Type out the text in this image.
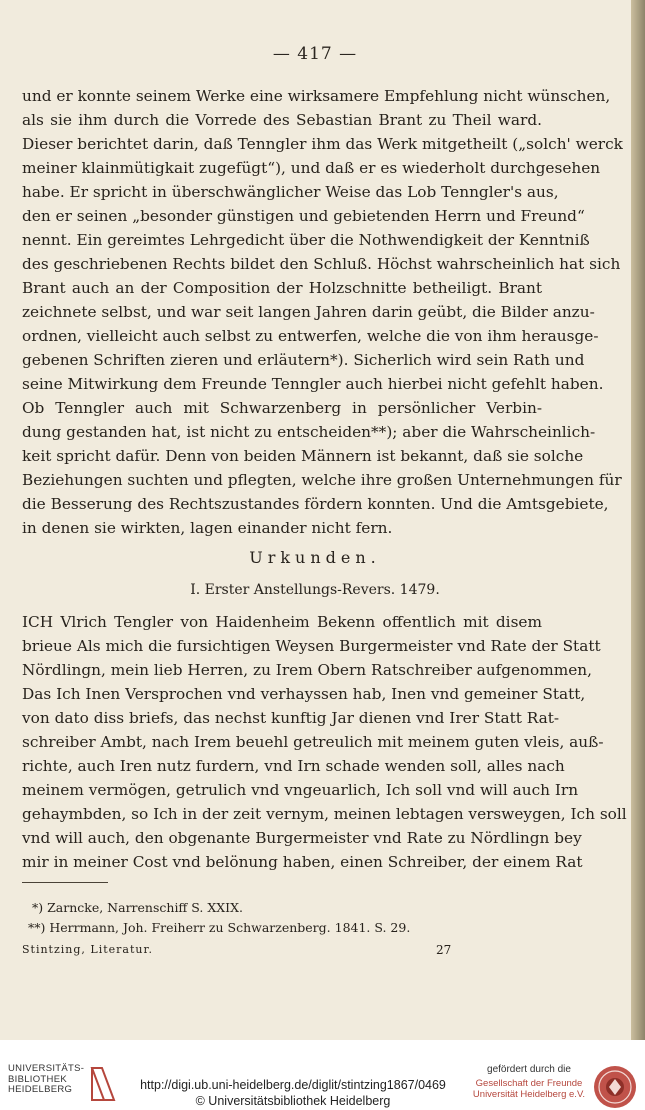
— 417 —
und er konnte seinem Werke eine wirksamere Empfehlung nicht wünschen,
als sie ihm durch die Vorrede des Sebastian Brant zu Theil ward.
Dieser berichtet darin, daß Tenngler ihm das Werk mitgetheilt („solch' werck
meiner klainmütigkait zugefügt“), und daß er es wiederholt durchgesehen
habe. Er spricht in überschwänglicher Weise das Lob Tenngler's aus,
den er seinen „besonder günstigen und gebietenden Herrn und Freund“
nennt. Ein gereimtes Lehrgedicht über die Nothwendigkeit der Kenntniß
des geschriebenen Rechts bildet den Schluß. Höchst wahrscheinlich hat sich
Brant auch an der Composition der Holzschnitte betheiligt. Brant
zeichnete selbst, und war seit langen Jahren darin geübt, die Bilder anzu-
ordnen, vielleicht auch selbst zu entwerfen, welche die von ihm herausge-
gebenen Schriften zieren und erläutern*). Sicherlich wird sein Rath und
seine Mitwirkung dem Freunde Tenngler auch hierbei nicht gefehlt haben.
Ob Tenngler auch mit Schwarzenberg in persönlicher Verbin-
dung gestanden hat, ist nicht zu entscheiden**); aber die Wahrscheinlich-
keit spricht dafür. Denn von beiden Männern ist bekannt, daß sie solche
Beziehungen suchten und pflegten, welche ihre großen Unternehmungen für
die Besserung des Rechtszustandes fördern konnten. Und die Amtsgebiete,
in denen sie wirkten, lagen einander nicht fern.
Urkunden.
I. Erster Anstellungs-Revers. 1479.
ICH Vlrich Tengler von Haidenheim Bekenn offentlich mit disem
brieue Als mich die fursichtigen Weysen Burgermeister vnd Rate der Statt
Nördlingn, mein lieb Herren, zu Irem Obern Ratschreiber aufgenommen,
Das Ich Inen Versprochen vnd verhayssen hab, Inen vnd gemeiner Statt,
von dato diss briefs, das nechst kunftig Jar dienen vnd Irer Statt Rat-
schreiber Ambt, nach Irem beuehl getreulich mit meinem guten vleis, auß-
richte, auch Iren nutz furdern, vnd Irn schade wenden soll, alles nach
meinem vermögen, getrulich vnd vngeuarlich, Ich soll vnd will auch Irn
gehaymbden, so Ich in der zeit vernym, meinen lebtagen verswеygen, Ich soll
vnd will auch, den obgenante Burgermeister vnd Rate zu Nördlingn bey
mir in meiner Cost vnd belönung haben, einen Schreiber, der einem Rat
*) Zarncke, Narrenschiff S. XXIX.
**) Herrmann, Joh. Freiherr zu Schwarzenberg. 1841. S. 29.
Stintzing, Literatur.	27
UNIVERSITÄTS-
BIBLIOTHEK
HEIDELBERG	http://digi.ub.uni-heidelberg.de/diglit/stintzing1867/0469
© Universitätsbibliothek Heidelberg
gefördert durch die
Gesellschaft der Freunde
Universität Heidelberg e.V.
